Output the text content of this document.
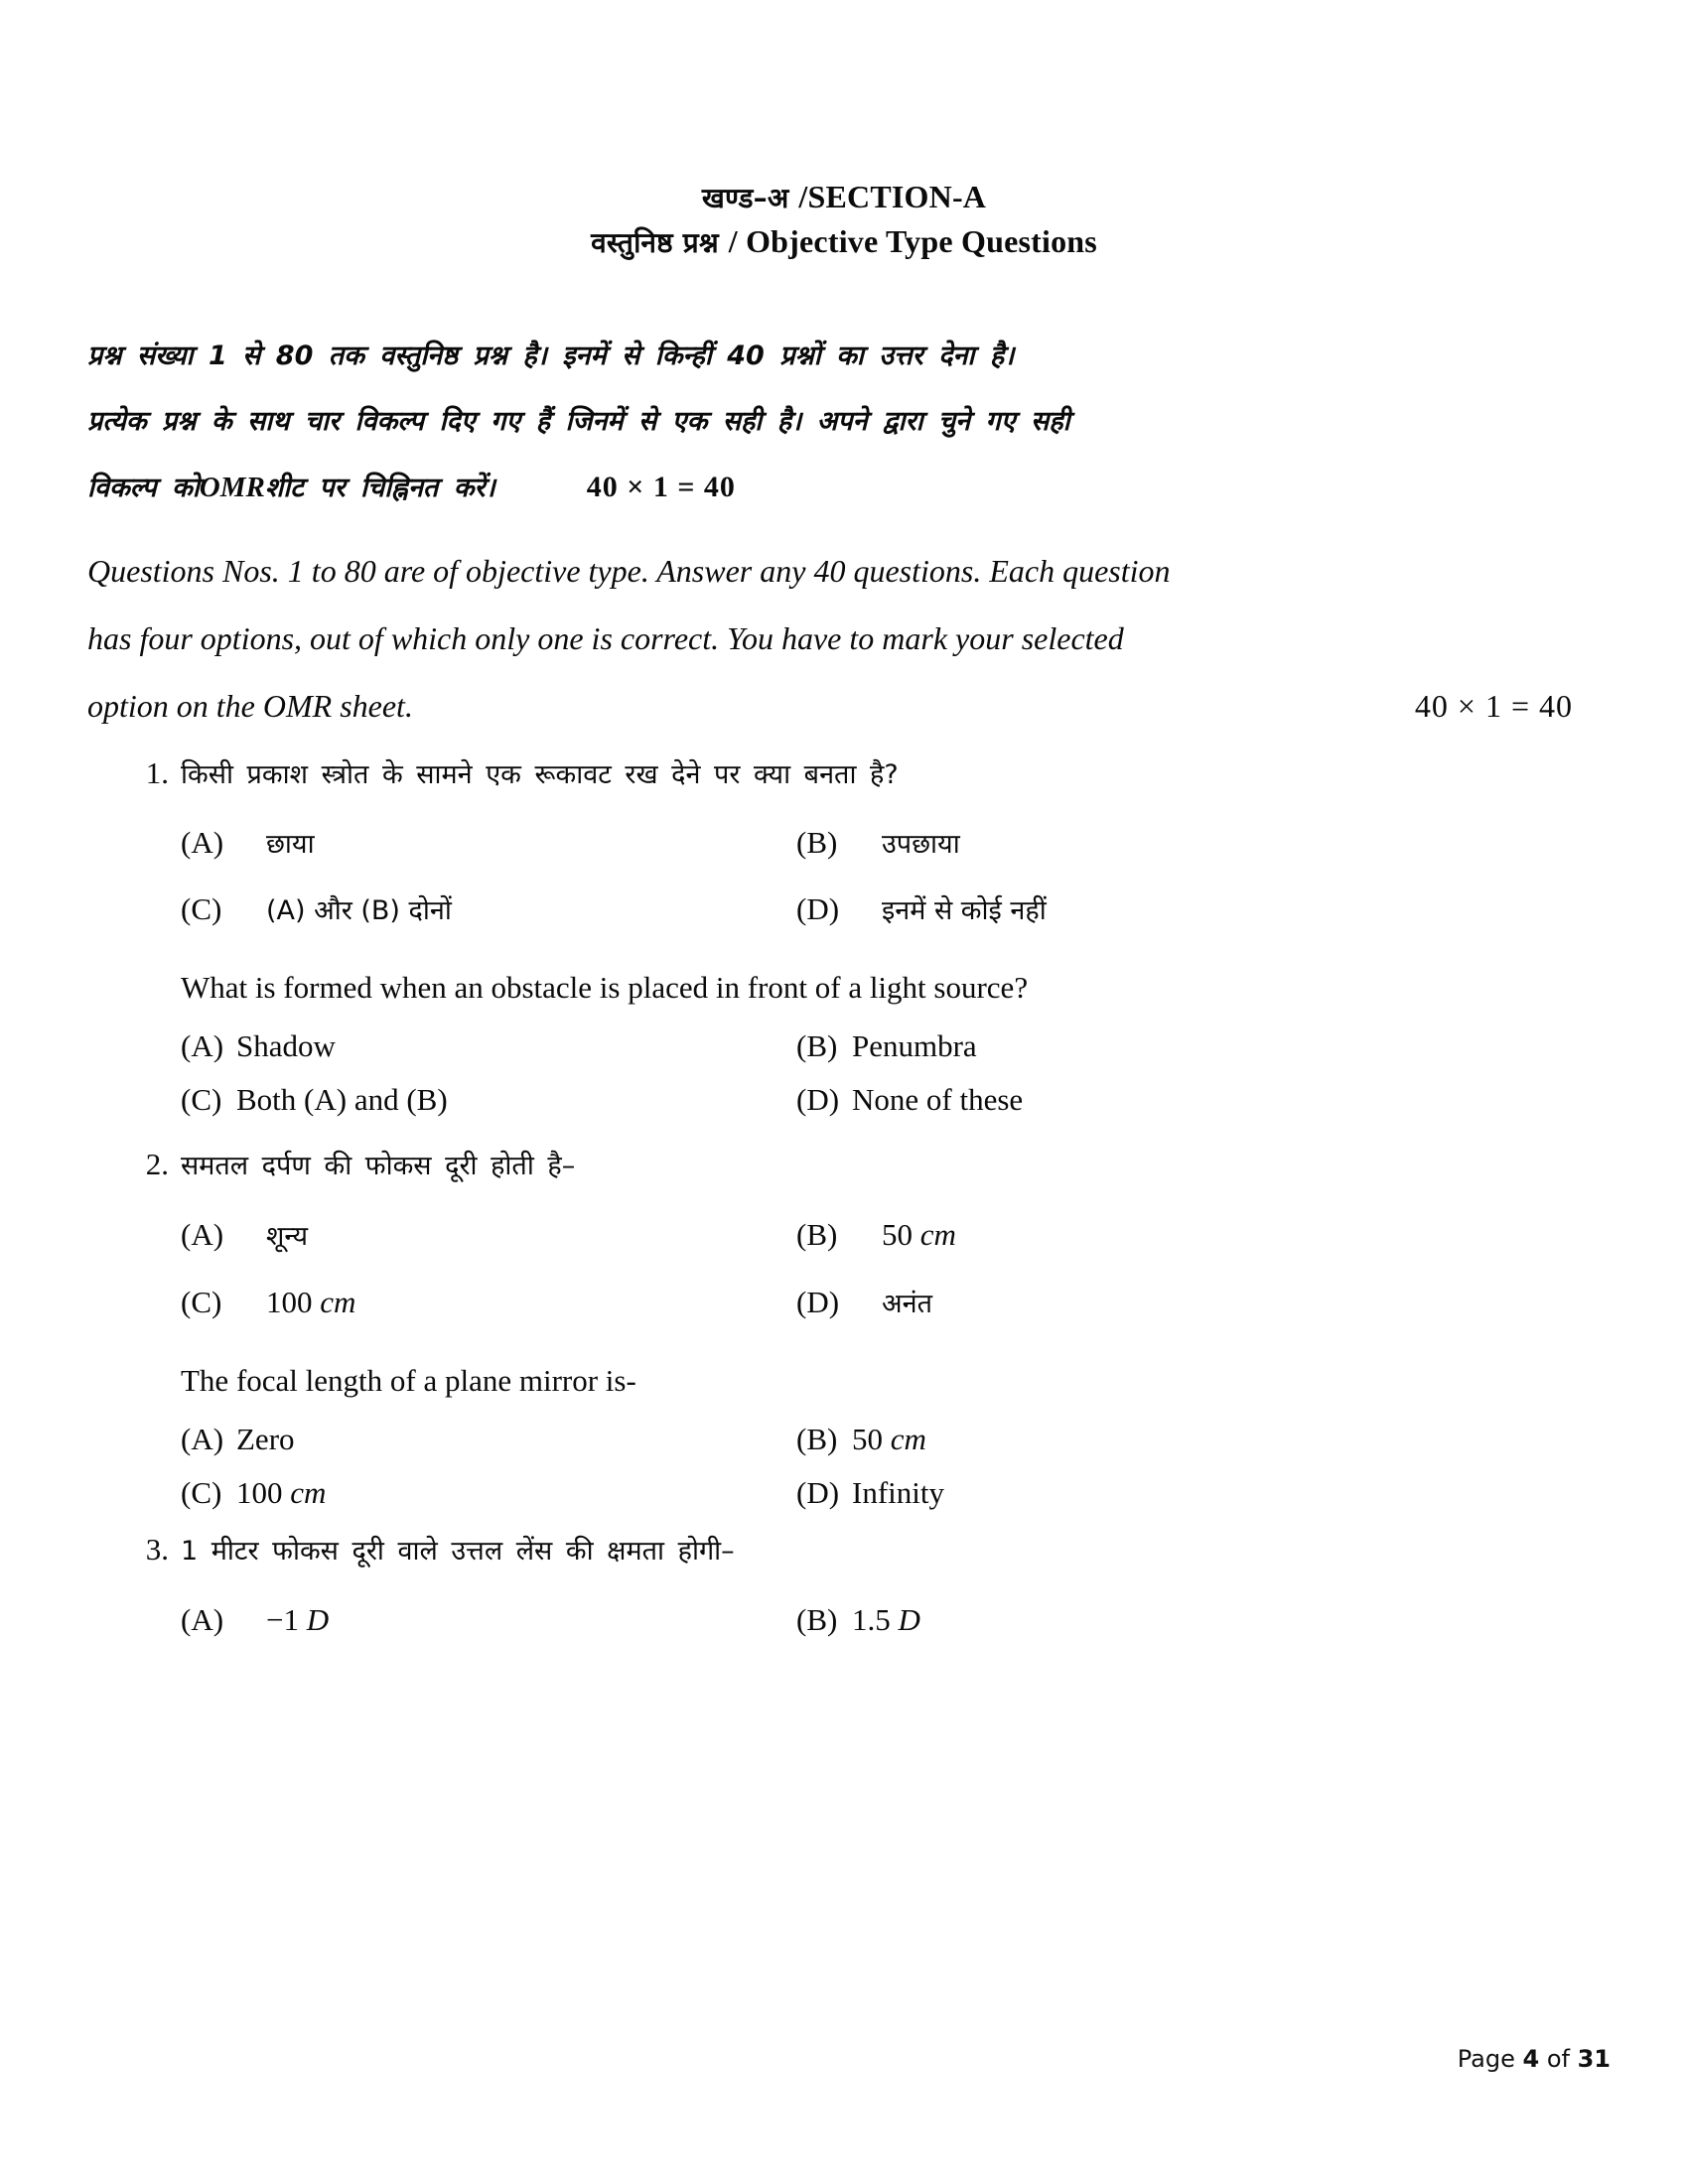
खण्ड–अ /SECTION-A
वस्तुनिष्ठ प्रश्न / Objective Type Questions
प्रश्न संख्या 1 से 80 तक वस्तुनिष्ठ प्रश्न है। इनमें से किन्हीं 40 प्रश्नों का उत्तर देना है।
प्रत्येक प्रश्न के साथ चार विकल्प दिए गए हैं जिनमें से एक सही है। अपने द्वारा चुने गए सही
विकल्प को OMR शीट पर चिह्निनत करें।	40 × 1 = 40
Questions Nos. 1 to 80 are of objective type. Answer any 40 questions. Each question
has four options, out of which only one is correct. You have to mark your selected
option on the OMR sheet.	40 × 1 = 40
1. किसी प्रकाश स्त्रोत के सामने एक रूकावट रख देने पर क्या बनता है?
(A)	छाया	(B)	उपछाया
(C)	(A) और (B) दोनों	(D)	इनमें से कोई नहीं
What is formed when an obstacle is placed in front of a light source?
(A) Shadow	(B) Penumbra
(C) Both (A) and (B)	(D) None of these
2. समतल दर्पण की फोकस दूरी होती है–
(A)	शून्य	(B)	50 cm
(C)	100 cm	(D)	अनंत
The focal length of a plane mirror is-
(A) Zero	(B) 50 cm
(C) 100 cm	(D) Infinity
3. 1 मीटर फोकस दूरी वाले उत्तल लेंस की क्षमता होगी–
(A)	−1 D	(B) 1.5 D
Page 4 of 31
